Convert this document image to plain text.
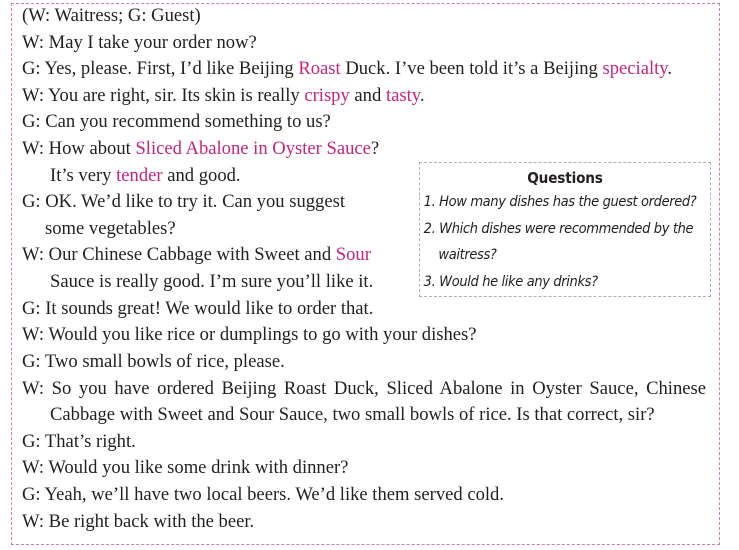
(W: Waitress; G: Guest)
W: May I take your order now?
G: Yes, please. First, I’d like Beijing Roast Duck. I’ve been told it’s a Beijing specialty.
W: You are right, sir. Its skin is really crispy and tasty.
G: Can you recommend something to us?
W: How about Sliced Abalone in Oyster Sauce?
It’s very tender and good.
G: OK. We’d like to try it. Can you suggest
some vegetables?
W: Our Chinese Cabbage with Sweet and Sour
Sauce is really good. I’m sure you’ll like it.
G: It sounds great! We would like to order that.
W: Would you like rice or dumplings to go with your dishes?
G: Two small bowls of rice, please.
W: So you have ordered Beijing Roast Duck, Sliced Abalone in Oyster Sauce, Chinese
Cabbage with Sweet and Sour Sauce, two small bowls of rice. Is that correct, sir?
G: That’s right.
W: Would you like some drink with dinner?
G: Yeah, we’ll have two local beers. We’d like them served cold.
W: Be right back with the beer.
Questions
1. How many dishes has the guest ordered?
2. Which dishes were recommended by the
waitress?
3. Would he like any drinks?
